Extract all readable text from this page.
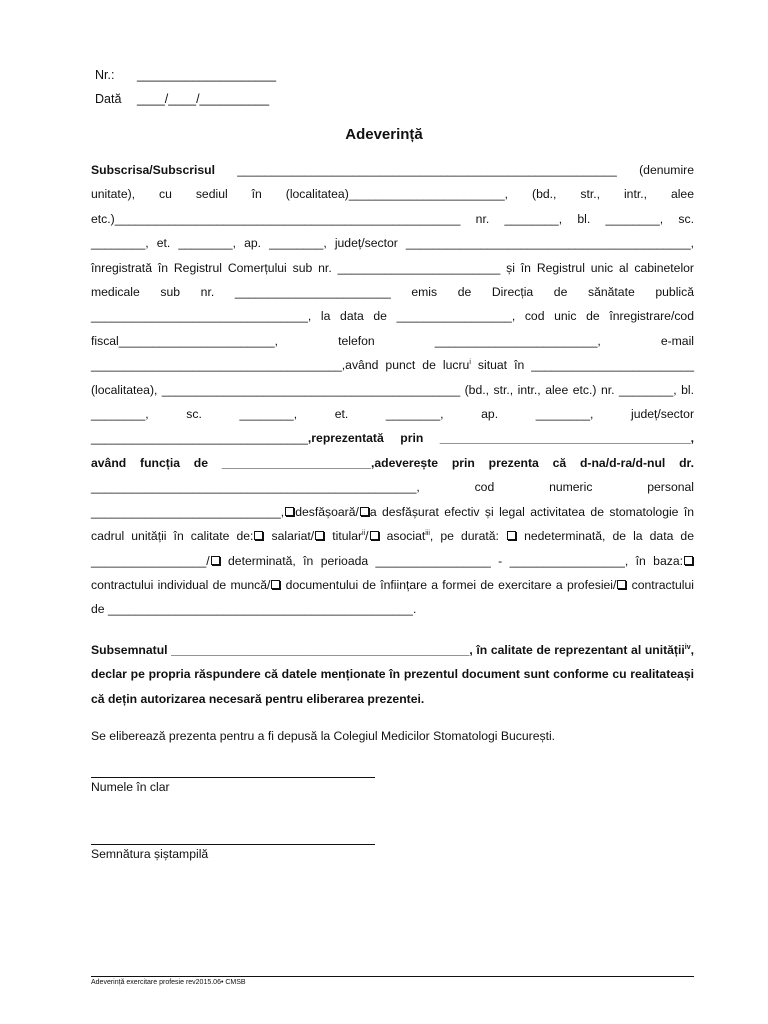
Nr.: ____________________
Dată ____/____/__________
Adeverință

Subscrisa/Subscrisul ________________________________________________________ (denumire unitate), cu sediul în (localitatea)_______________________, (bd., str., intr., alee etc.)___________________________________________________ nr. ________, bl. ________, sc. ________, et. ________, ap. ________, județ/sector __________________________________________, înregistrată în Registrul Comerțului sub nr. ________________________ și în Registrul unic al cabinetelor medicale sub nr. _______________________ emis de Direcția de sănătate publică ________________________________, la data de _________________, cod unic de înregistrare/cod fiscal_______________________, telefon ________________________, e-mail _____________________________________,având punct de lucru$^i$ situat în ________________________ (localitatea), ____________________________________________ (bd., str., intr., alee etc.) nr. ________, bl. ________, sc. ________, et. ________, ap. ________, județ/sector ________________________________,reprezentată prin _____________________________________, având funcția de ______________________,adeverește prin prezenta că d-na/d-ra/d-nul dr. ________________________________________________, cod numeric personal ____________________________, desfășoară/ a desfășurat efectiv și legal activitatea de stomatologie în cadrul unității în calitate de: salariat/ titular$^{ii}$/ asociat$^{iii}$, pe durată:  nedeterminată, de la data de _________________/ determinată, în perioada _________________ - _________________, în baza: contractului individual de muncă/ documentului de înființare a formei de exercitare a profesiei/ contractului de _____________________________________________.

Subsemnatul ____________________________________________, în calitate de reprezentant al unității$^{iv}$, declar pe propria răspundere că datele menționate în prezentul document sunt conforme cu realitateași că dețin autorizarea necesară pentru eliberarea prezentei.

Se eliberează prezenta pentru a fi depusă la Colegiul Medicilor Stomatologi București.
Numele în clar
Semnătura șiștampilă
Adeverință exercitare profesie rev2015.06• CMSB
